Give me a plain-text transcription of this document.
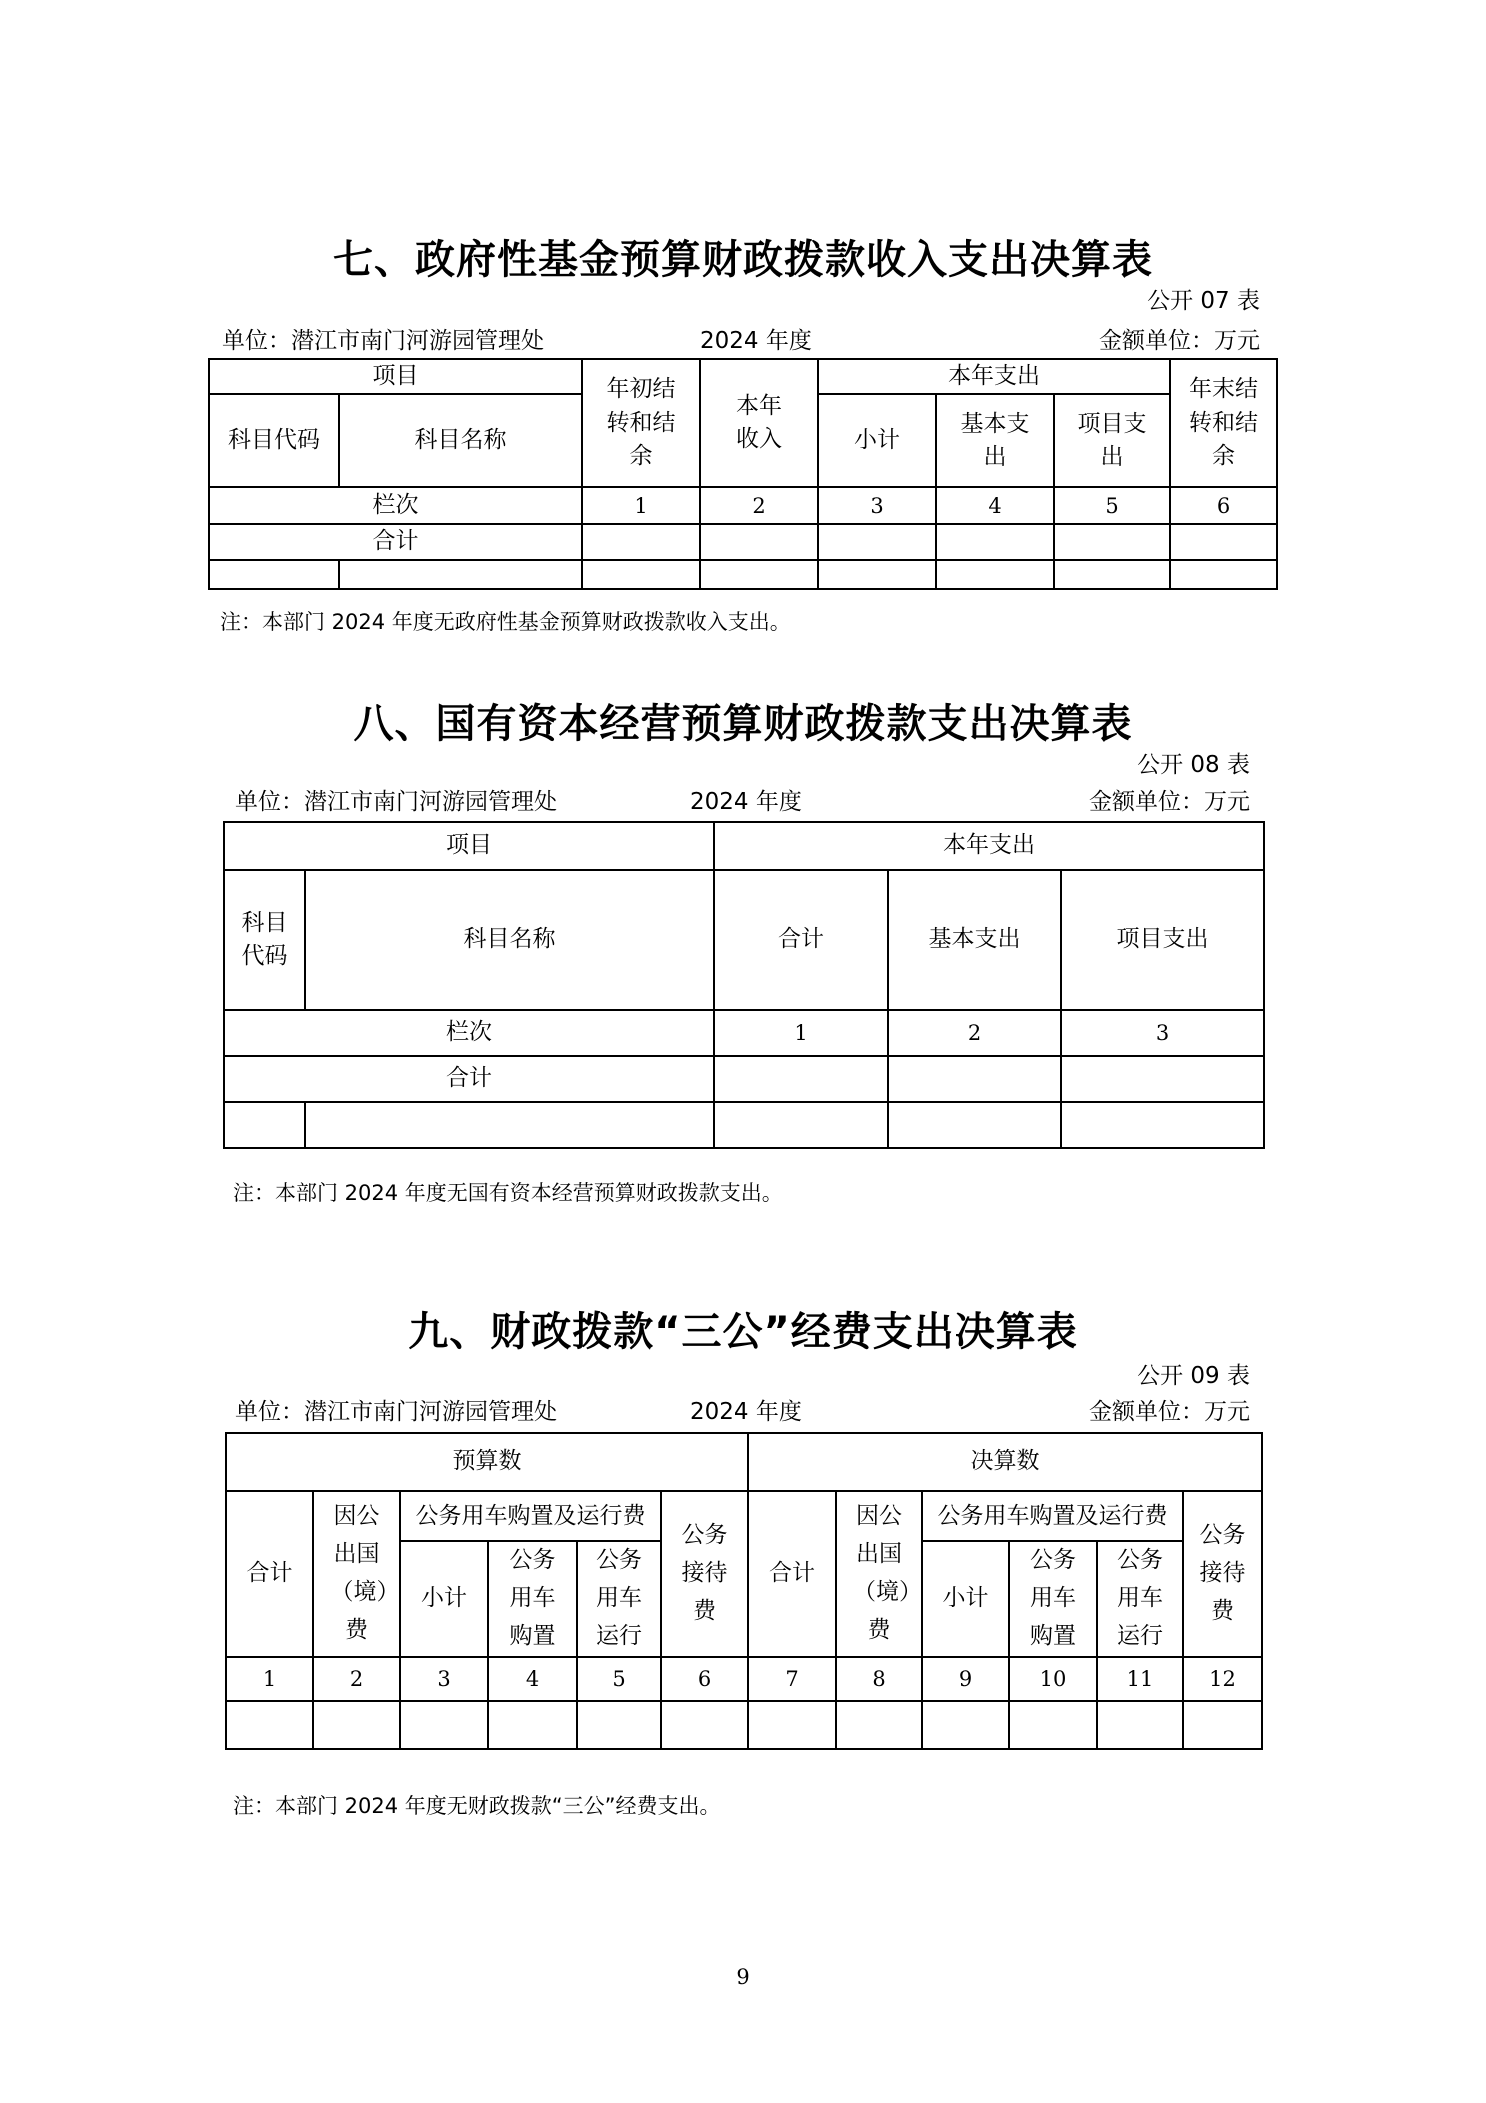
七、政府性基金预算财政拨款收入支出决算表
公开 07 表
单位：潜江市南门河游园管理处	2024 年度	金额单位：万元
项目		年初结转和结余	本年收入	本年支出			年末结转和结余

科目代码	科目名称			小计	基本支出	项目支出	

栏次		1	2	3	4	5	6
合计							

注：本部门 2024 年度无政府性基金预算财政拨款收入支出。
八、国有资本经营预算财政拨款支出决算表
公开 08 表
单位：潜江市南门河游园管理处	2024 年度	金额单位：万元
项目		本年支出		

科目代码	科目名称	合计	基本支出	项目支出
栏次		1	2	3
合计				

注：本部门 2024 年度无国有资本经营预算财政拨款支出。
九、财政拨款“三公”经费支出决算表
公开 09 表
单位：潜江市南门河游园管理处	2024 年度	金额单位：万元
预算数						决算数					
合计	因公出国（境）费	公务用车购置及运行费			公务接待费	合计	因公出国（境）费	公务用车购置及运行费			公务接待费

		小计	公务用车购置	公务用车运行				小计	公务用车购置	公务用车运行	

1	2	3	4	5	6	7	8	9	10	11	12

注：本部门 2024 年度无财政拨款“三公”经费支出。
9
